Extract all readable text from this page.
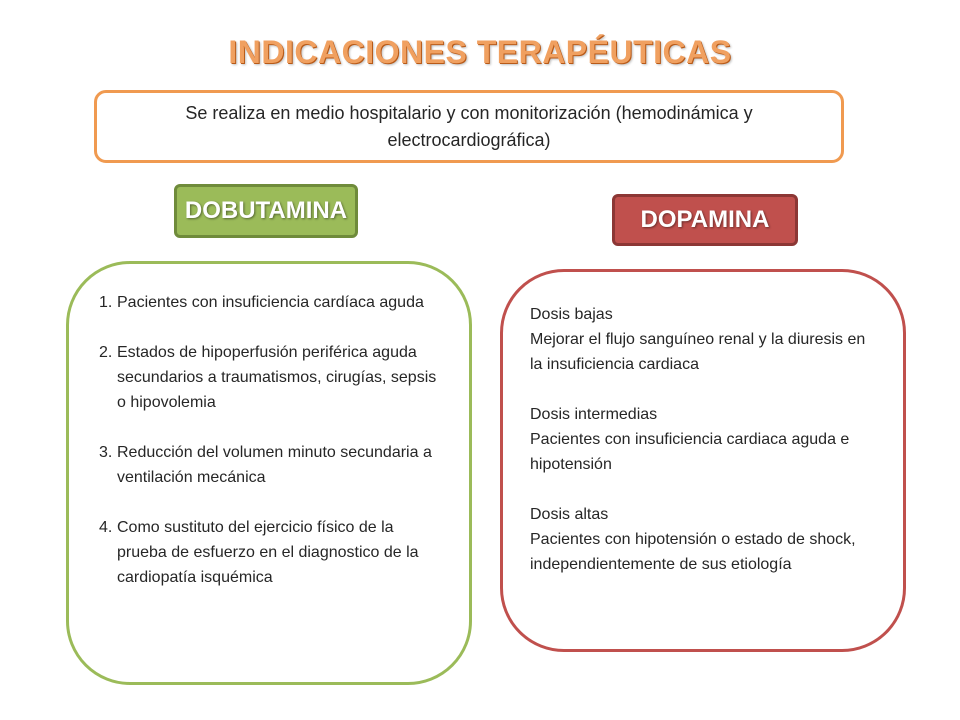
INDICACIONES TERAPÉUTICAS
Se realiza en medio hospitalario y con monitorización (hemodinámica y electrocardiográfica)
DOBUTAMINA	DOPAMINA
1. Pacientes con insuficiencia cardíaca aguda
2. Estados de hipoperfusión periférica aguda secundarios a traumatismos, cirugías, sepsis o hipovolemia
3. Reducción del volumen minuto secundaria a ventilación mecánica
4. Como sustituto del ejercicio físico de la prueba de esfuerzo en el diagnostico de la cardiopatía isquémica
Dosis bajas
Mejorar el flujo sanguíneo renal y la diuresis en la insuficiencia cardiaca
Dosis intermedias
Pacientes con insuficiencia cardiaca aguda e hipotensión
Dosis altas
Pacientes con hipotensión o estado de shock, independientemente de sus etiología
